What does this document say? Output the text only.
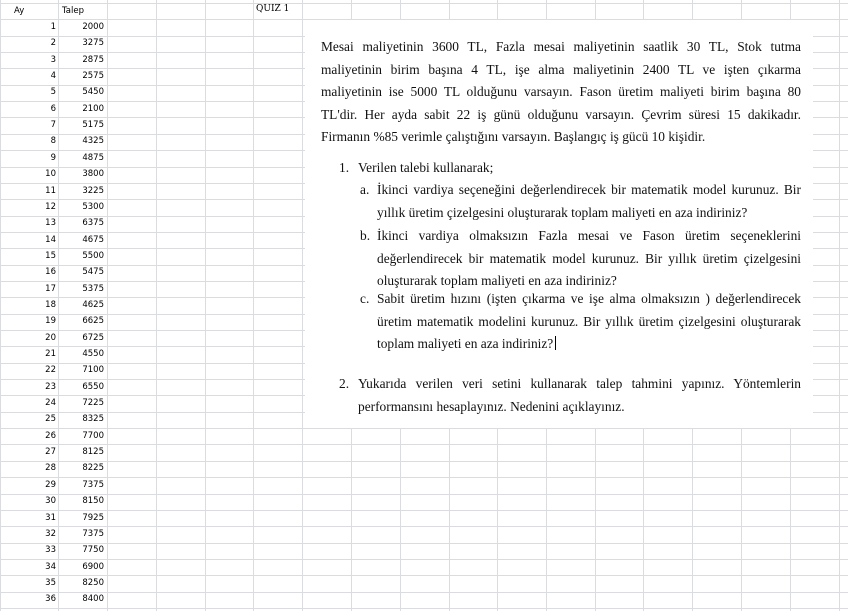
Ay	Talep	QUIZ 1
1	2000
2	3275
3	2875
4	2575
5	5450
6	2100
7	5175
8	4325
9	4875
10	3800
11	3225
12	5300
13	6375
14	4675
15	5500
16	5475
17	5375
18	4625
19	6625
20	6725
21	4550
22	7100
23	6550
24	7225
25	8325
26	7700
27	8125
28	8225
29	7375
30	8150
31	7925
32	7375
33	7750
34	6900
35	8250
36	8400
Mesai maliyetinin 3600 TL, Fazla mesai maliyetinin saatlik 30 TL, Stok tutma maliyetinin birim başına 4 TL, işe alma maliyetinin 2400 TL ve işten çıkarma maliyetinin ise 5000 TL olduğunu varsayın. Fason üretim maliyeti birim başına 80 TL'dir. Her ayda sabit 22 iş günü olduğunu varsayın. Çevrim süresi 15 dakikadır. Firmanın %85 verimle çalıştığını varsayın. Başlangıç iş gücü 10 kişidir.
1. Verilen talebi kullanarak;
a. İkinci vardiya seçeneğini değerlendirecek bir matematik model kurunuz. Bir yıllık üretim çizelgesini oluşturarak toplam maliyeti en aza indiriniz?
b. İkinci vardiya olmaksızın Fazla mesai ve Fason üretim seçeneklerini değerlendirecek bir matematik model kurunuz. Bir yıllık üretim çizelgesini oluşturarak toplam maliyeti en aza indiriniz?
c. Sabit üretim hızını (işten çıkarma ve işe alma olmaksızın ) değerlendirecek üretim matematik modelini kurunuz. Bir yıllık üretim çizelgesini oluşturarak toplam maliyeti en aza indiriniz?
2. Yukarıda verilen veri setini kullanarak talep tahmini yapınız. Yöntemlerin performansını hesaplayınız. Nedenini açıklayınız.
